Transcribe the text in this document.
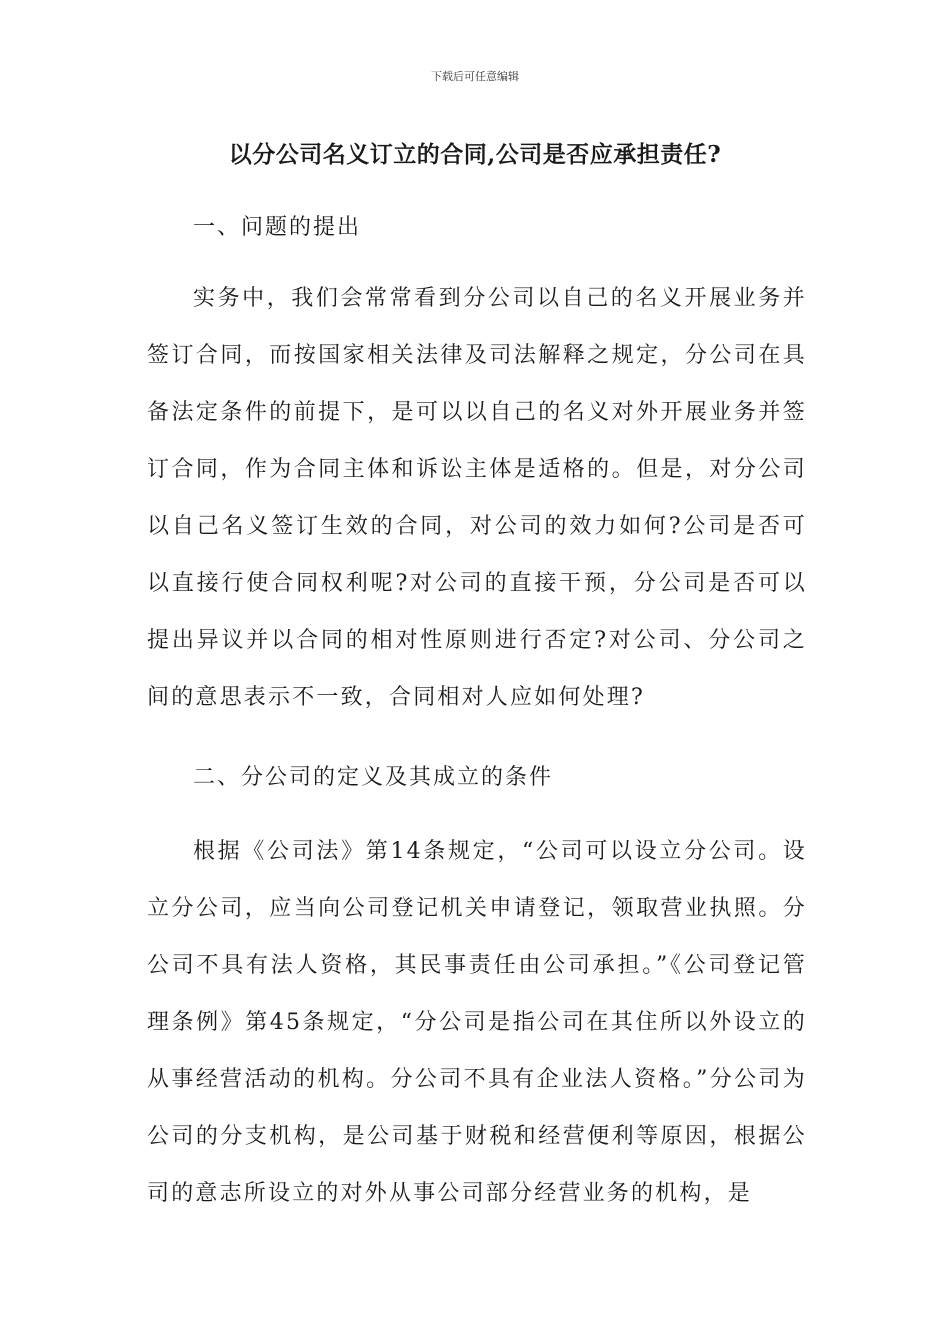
下载后可任意编辑
以分公司名义订立的合同,公司是否应承担责任?
一、问题的提出

实务中，我们会常常看到分公司以自己的名义开展业务并签订合同，而按国家相关法律及司法解释之规定，分公司在具备法定条件的前提下，是可以以自己的名义对外开展业务并签订合同，作为合同主体和诉讼主体是适格的。但是，对分公司以自己名义签订生效的合同，对公司的效力如何?公司是否可以直接行使合同权利呢?对公司的直接干预，分公司是否可以提出异议并以合同的相对性原则进行否定?对公司、分公司之间的意思表示不一致，合同相对人应如何处理?

二、分公司的定义及其成立的条件

根据《公司法》第14条规定，“公司可以设立分公司。设立分公司，应当向公司登记机关申请登记，领取营业执照。分公司不具有法人资格，其民事责任由公司承担。”《公司登记管理条例》第45条规定，“分公司是指公司在其住所以外设立的从事经营活动的机构。分公司不具有企业法人资格。”分公司为公司的分支机构，是公司基于财税和经营便利等原因，根据公司的意志所设立的对外从事公司部分经营业务的机构，是
